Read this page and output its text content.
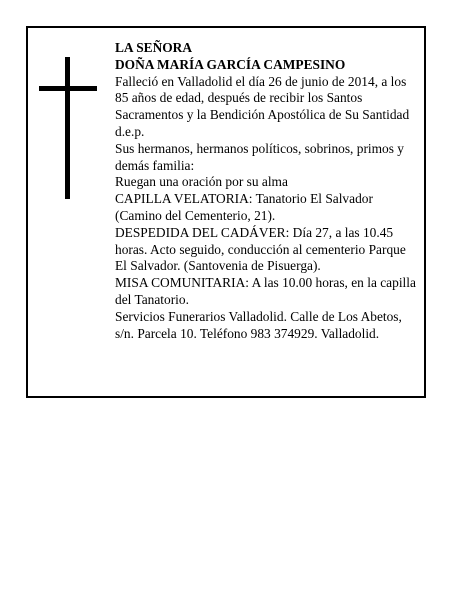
LA SEÑORA

DOÑA MARÍA GARCÍA CAMPESINO

Falleció en Valladolid el día 26 de junio de 2014, a los 85 años de edad, después de recibir los Santos Sacramentos y la Bendición Apostólica de Su Santidad d.e.p.

Sus hermanos, hermanos políticos, sobrinos, primos y demás familia:

Ruegan una oración por su alma

CAPILLA VELATORIA: Tanatorio El Salvador (Camino del Cementerio, 21).

DESPEDIDA DEL CADÁVER: Día 27, a las 10.45 horas. Acto seguido, conducción al cementerio Parque El Salvador. (Santovenia de Pisuerga).

MISA COMUNITARIA: A las 10.00 horas, en la capilla del Tanatorio.

Servicios Funerarios Valladolid. Calle de Los Abetos, s/n. Parcela 10. Teléfono 983 374929. Valladolid.
